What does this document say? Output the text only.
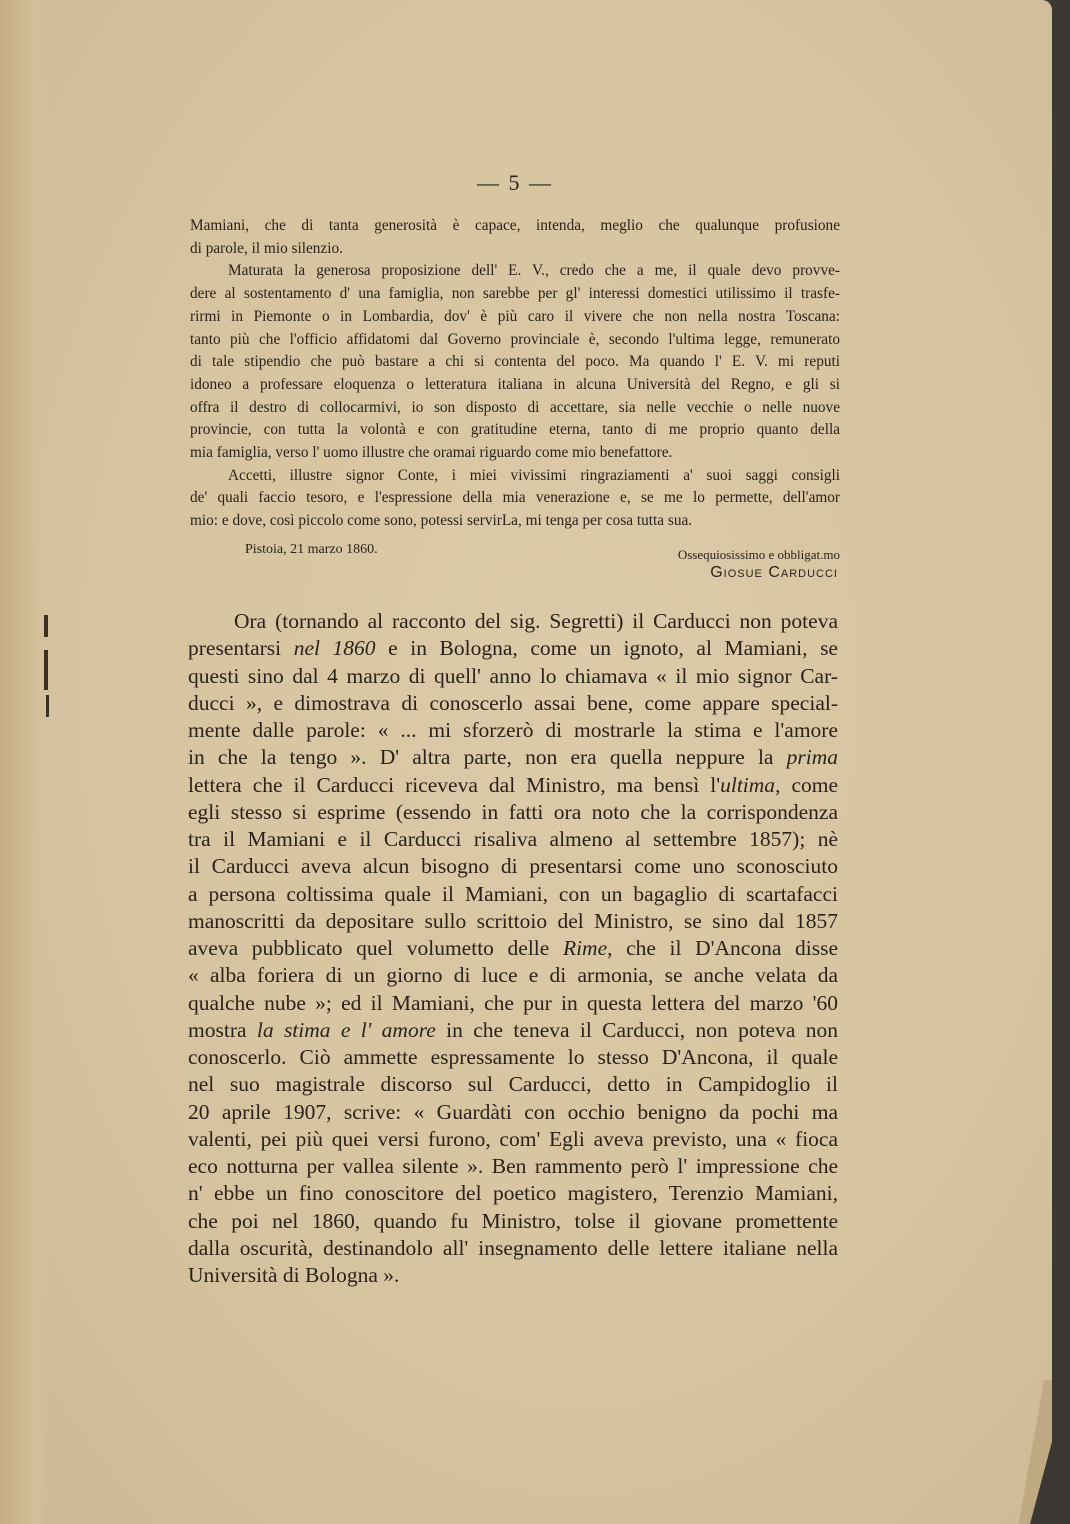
— 5 —
Mamiani, che di tanta generosità è capace, intenda, meglio che qualunque profusione
di parole, il mio silenzio.
Maturata la generosa proposizione dell' E. V., credo che a me, il quale devo provve-
dere al sostentamento d' una famiglia, non sarebbe per gl' interessi domestici utilissimo il trasfe-
rirmi in Piemonte o in Lombardia, dov' è più caro il vivere che non nella nostra Toscana:
tanto più che l'officio affidatomi dal Governo provinciale è, secondo l'ultima legge, remunerato
di tale stipendio che può bastare a chi si contenta del poco. Ma quando l' E. V. mi reputi
idoneo a professare eloquenza o letteratura italiana in alcuna Università del Regno, e gli si
offra il destro di collocarmivi, io son disposto di accettare, sia nelle vecchie o nelle nuove
provincie, con tutta la volontà e con gratitudine eterna, tanto di me proprio quanto della
mia famiglia, verso l' uomo illustre che oramai riguardo come mio benefattore.
Accetti, illustre signor Conte, i miei vivissimi ringraziamenti a' suoi saggi consigli
de' quali faccio tesoro, e l'espressione della mia venerazione e, se me lo permette, dell'amor
mio: e dove, così piccolo come sono, potessi servirLa, mi tenga per cosa tutta sua.
Pistoia, 21 marzo 1860.	Ossequiosissimo e obbligat.mo
Giosue Carducci
Ora (tornando al racconto del sig. Segretti) il Carducci non poteva
presentarsi nel 1860 e in Bologna, come un ignoto, al Mamiani, se
questi sino dal 4 marzo di quell' anno lo chiamava « il mio signor Car-
ducci », e dimostrava di conoscerlo assai bene, come appare special-
mente dalle parole: « ... mi sforzerò di mostrarle la stima e l'amore
in che la tengo ». D' altra parte, non era quella neppure la prima
lettera che il Carducci riceveva dal Ministro, ma bensì l'ultima, come
egli stesso si esprime (essendo in fatti ora noto che la corrispondenza
tra il Mamiani e il Carducci risaliva almeno al settembre 1857); nè
il Carducci aveva alcun bisogno di presentarsi come uno sconosciuto
a persona coltissima quale il Mamiani, con un bagaglio di scartafacci
manoscritti da depositare sullo scrittoio del Ministro, se sino dal 1857
aveva pubblicato quel volumetto delle Rime, che il D'Ancona disse
« alba foriera di un giorno di luce e di armonia, se anche velata da
qualche nube »; ed il Mamiani, che pur in questa lettera del marzo '60
mostra la stima e l' amore in che teneva il Carducci, non poteva non
conoscerlo. Ciò ammette espressamente lo stesso D'Ancona, il quale
nel suo magistrale discorso sul Carducci, detto in Campidoglio il
20 aprile 1907, scrive: « Guardàti con occhio benigno da pochi ma
valenti, pei più quei versi furono, com' Egli aveva previsto, una « fioca
eco notturna per vallea silente ». Ben rammento però l' impressione che
n' ebbe un fino conoscitore del poetico magistero, Terenzio Mamiani,
che poi nel 1860, quando fu Ministro, tolse il giovane promettente
dalla oscurità, destinandolo all' insegnamento delle lettere italiane nella
Università di Bologna ».
